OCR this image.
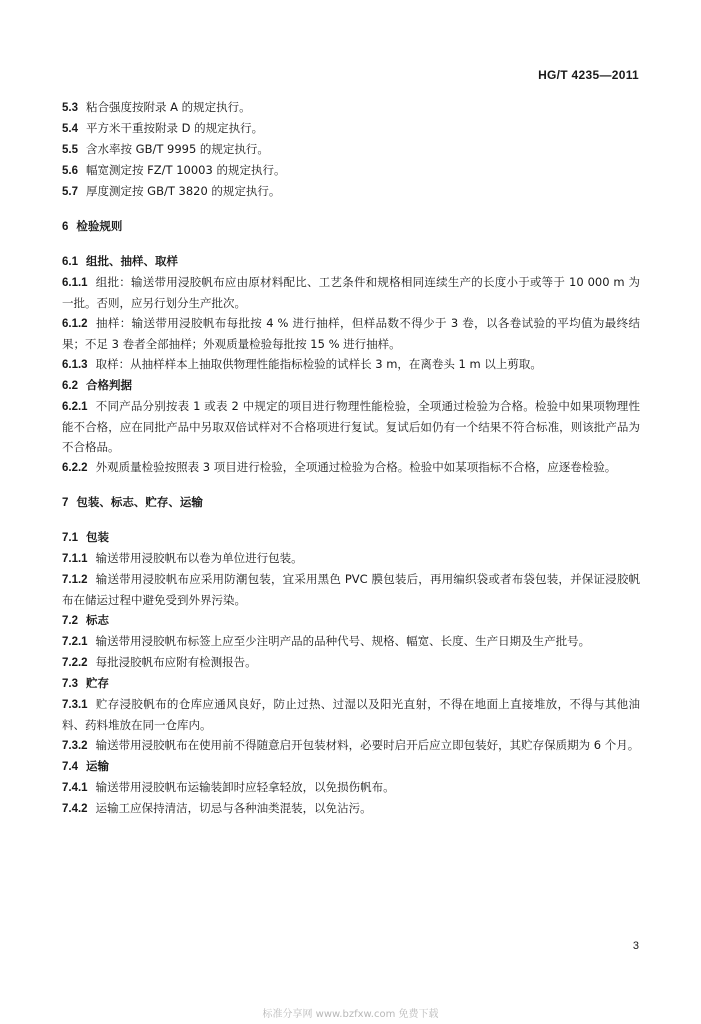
HG/T 4235—2011
5.3 粘合强度按附录 A 的规定执行。
5.4 平方米干重按附录 D 的规定执行。
5.5 含水率按 GB/T 9995 的规定执行。
5.6 幅宽测定按 FZ/T 10003 的规定执行。
5.7 厚度测定按 GB/T 3820 的规定执行。
6 检验规则
6.1 组批、抽样、取样
6.1.1 组批：输送带用浸胶帆布应由原材料配比、工艺条件和规格相同连续生产的长度小于或等于 10 000 m 为一批。否则，应另行划分生产批次。
6.1.2 抽样：输送带用浸胶帆布每批按 4 % 进行抽样，但样品数不得少于 3 卷，以各卷试验的平均值为最终结果；不足 3 卷者全部抽样；外观质量检验每批按 15 % 进行抽样。
6.1.3 取样：从抽样样本上抽取供物理性能指标检验的试样长 3 m，在离卷头 1 m 以上剪取。
6.2 合格判据
6.2.1 不同产品分别按表 1 或表 2 中规定的项目进行物理性能检验，全项通过检验为合格。检验中如果项物理性能不合格，应在同批产品中另取双倍试样对不合格项进行复试。复试后如仍有一个结果不符合标准，则该批产品为不合格品。
6.2.2 外观质量检验按照表 3 项目进行检验，全项通过检验为合格。检验中如某项指标不合格，应逐卷检验。
7 包装、标志、贮存、运输
7.1 包装
7.1.1 输送带用浸胶帆布以卷为单位进行包装。
7.1.2 输送带用浸胶帆布应采用防潮包装，宜采用黑色 PVC 膜包装后，再用编织袋或者布袋包装，并保证浸胶帆布在储运过程中避免受到外界污染。
7.2 标志
7.2.1 输送带用浸胶帆布标签上应至少注明产品的品种代号、规格、幅宽、长度、生产日期及生产批号。
7.2.2 每批浸胶帆布应附有检测报告。
7.3 贮存
7.3.1 贮存浸胶帆布的仓库应通风良好，防止过热、过湿以及阳光直射，不得在地面上直接堆放，不得与其他油料、药料堆放在同一仓库内。
7.3.2 输送带用浸胶帆布在使用前不得随意启开包装材料，必要时启开后应立即包装好，其贮存保质期为 6 个月。
7.4 运输
7.4.1 输送带用浸胶帆布运输装卸时应轻拿轻放，以免损伤帆布。
7.4.2 运输工应保持清洁，切忌与各种油类混装，以免沾污。
3
标准分享网 www.bzfxw.com 免费下载
